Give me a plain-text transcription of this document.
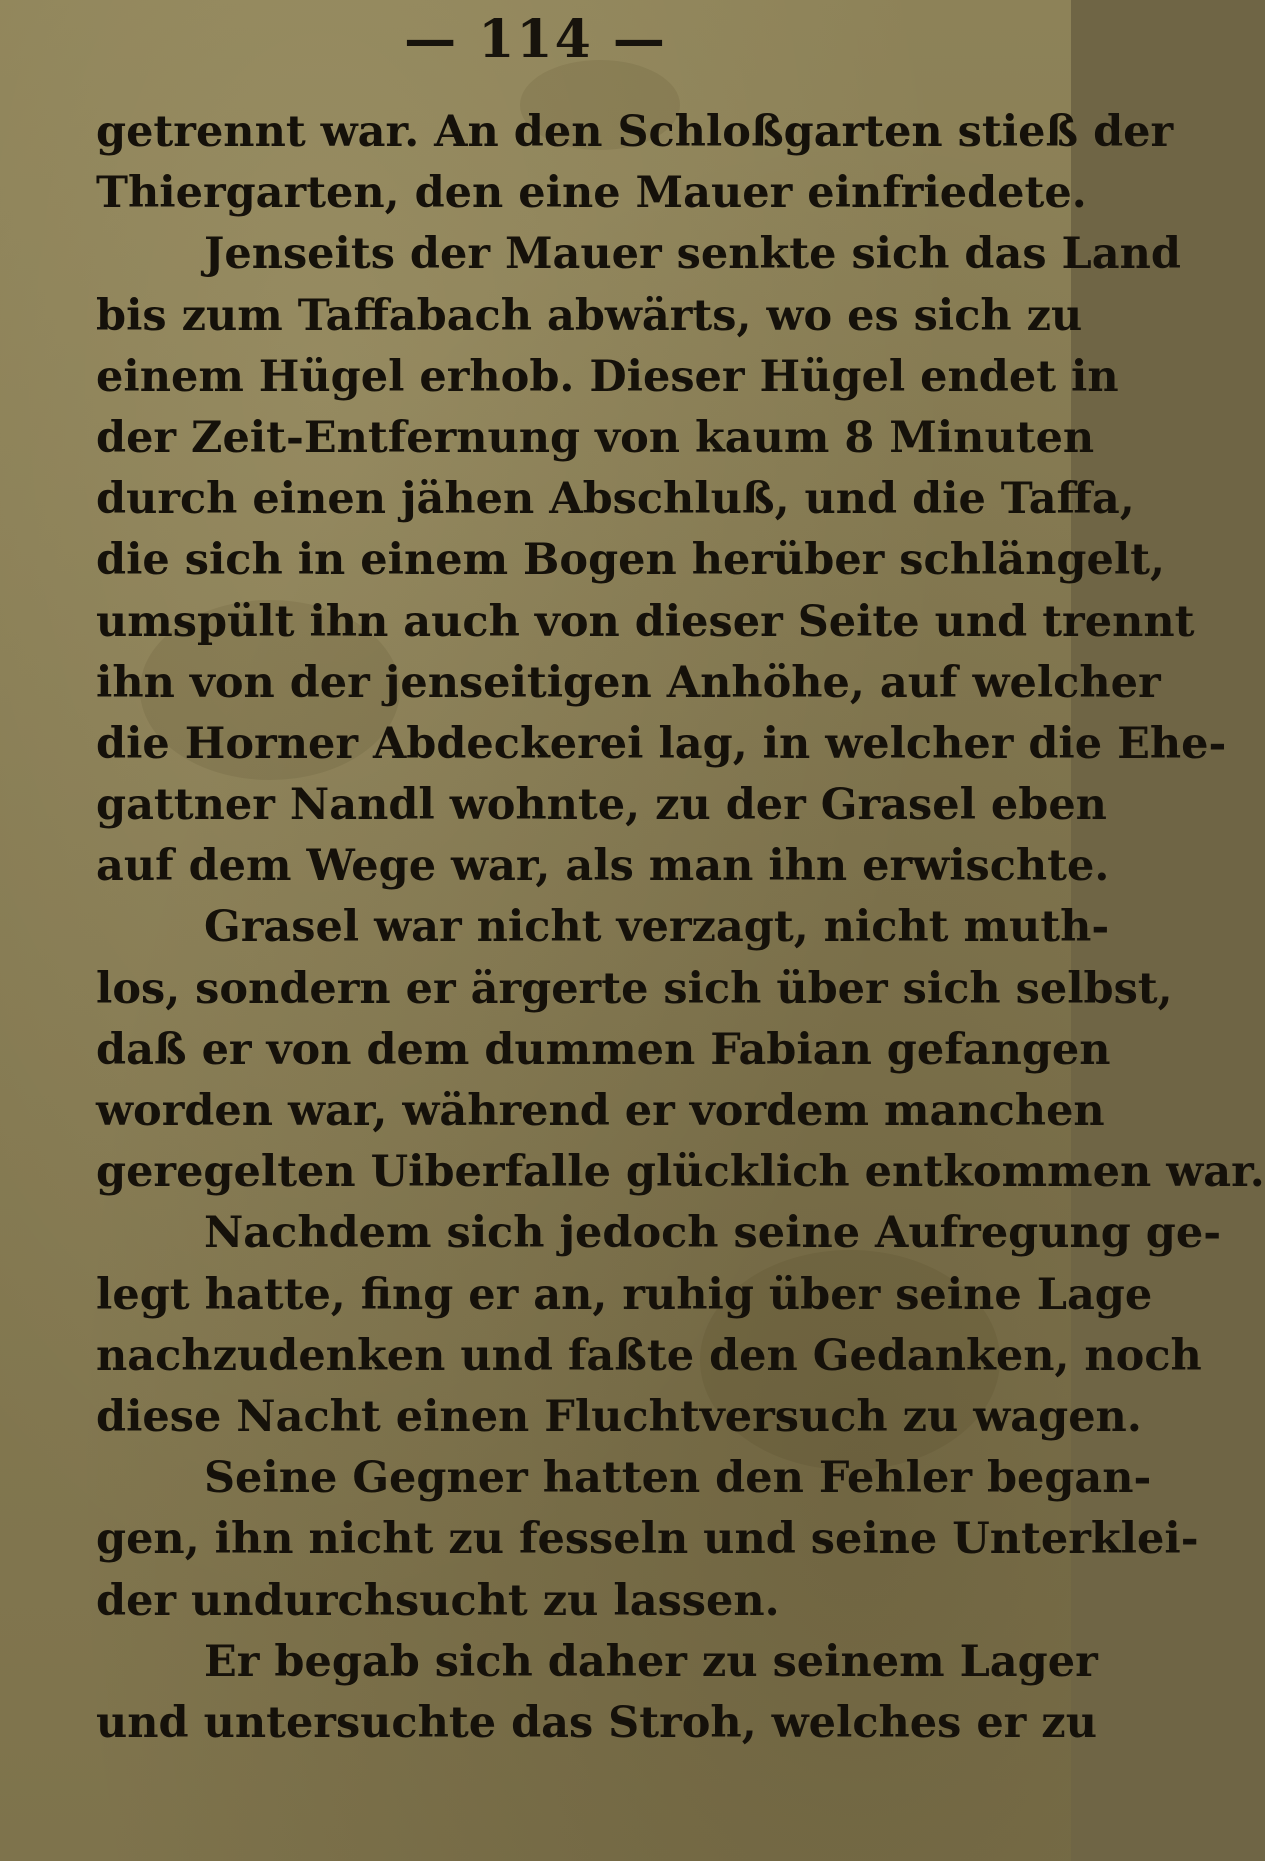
— 114 —
getrennt war. An den Schloßgarten stieß der
Thiergarten, den eine Mauer einfriedete.
Jenseits der Mauer senkte sich das Land
bis zum Taffabach abwärts, wo es sich zu
einem Hügel erhob. Dieser Hügel endet in
der Zeit-Entfernung von kaum 8 Minuten
durch einen jähen Abschluß, und die Taffa,
die sich in einem Bogen herüber schlängelt,
umspült ihn auch von dieser Seite und trennt
ihn von der jenseitigen Anhöhe, auf welcher
die Horner Abdeckerei lag, in welcher die Ehe-
gattner Nandl wohnte, zu der Grasel eben
auf dem Wege war, als man ihn erwischte.
Grasel war nicht verzagt, nicht muth-
los, sondern er ärgerte sich über sich selbst,
daß er von dem dummen Fabian gefangen
worden war, während er vordem manchen
geregelten Uiberfalle glücklich entkommen war.
Nachdem sich jedoch seine Aufregung ge-
legt hatte, fing er an, ruhig über seine Lage
nachzudenken und faßte den Gedanken, noch
diese Nacht einen Fluchtversuch zu wagen.
Seine Gegner hatten den Fehler began-
gen, ihn nicht zu fesseln und seine Unterklei-
der undurchsucht zu lassen.
Er begab sich daher zu seinem Lager
und untersuchte das Stroh, welches er zu
